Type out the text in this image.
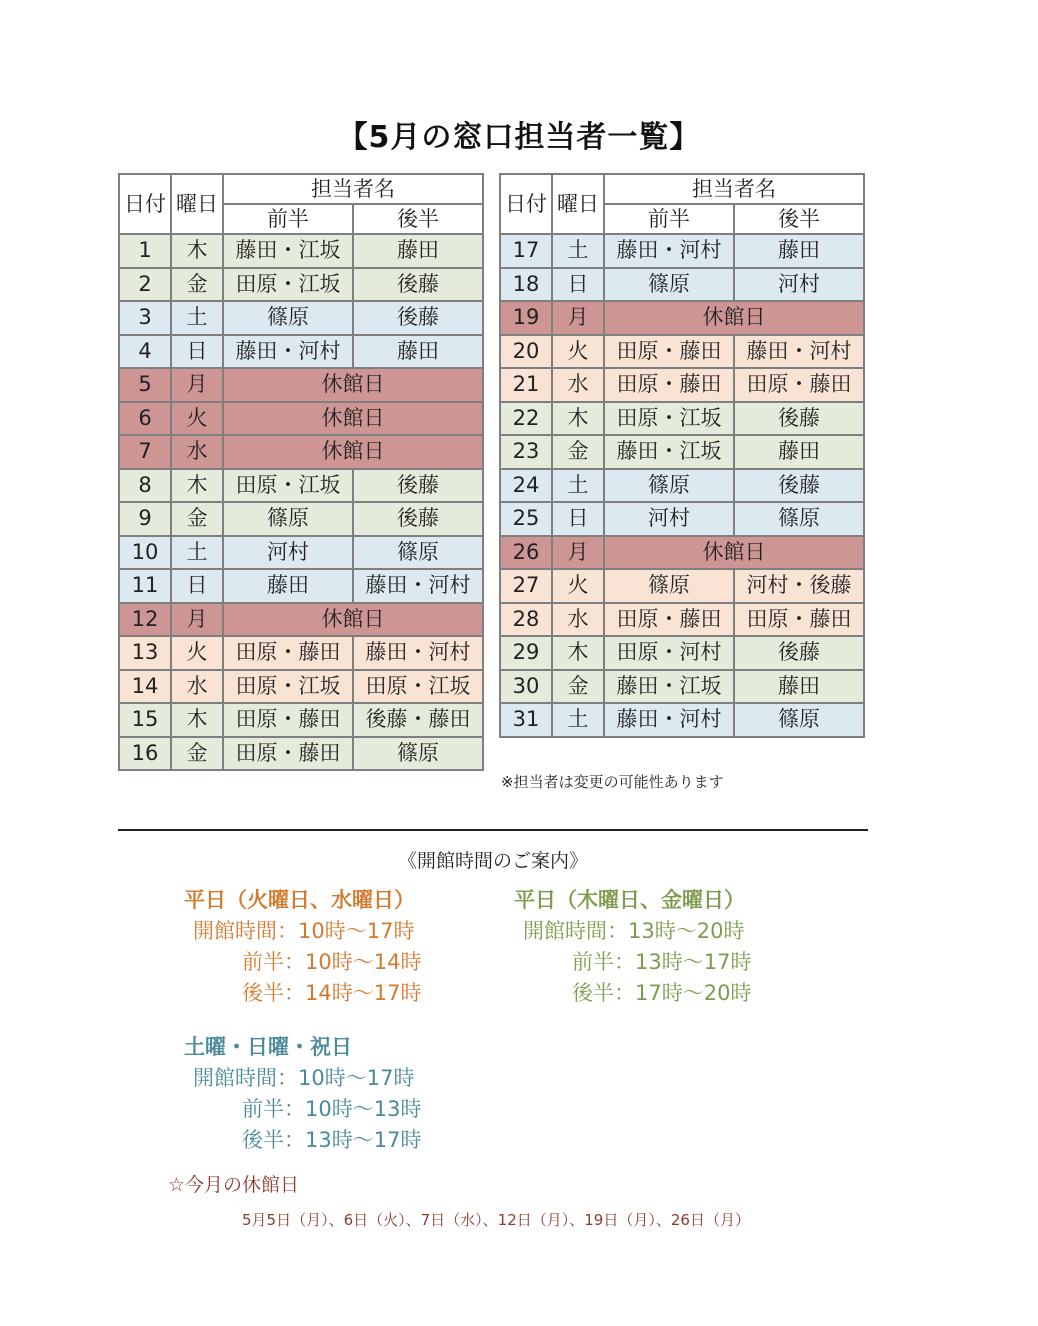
【5月の窓口担当者一覧】
日付	曜日	担当者名	
		前半	後半
1	木	藤田・江坂	藤田
2	金	田原・江坂	後藤
3	土	篠原	後藤
4	日	藤田・河村	藤田
5	月	休館日	
6	火	休館日	
7	水	休館日	
8	木	田原・江坂	後藤
9	金	篠原	後藤
10	土	河村	篠原
11	日	藤田	藤田・河村
12	月	休館日	
13	火	田原・藤田	藤田・河村
14	水	田原・江坂	田原・江坂
15	木	田原・藤田	後藤・藤田
16	金	田原・藤田	篠原
日付	曜日	担当者名	
		前半	後半
17	土	藤田・河村	藤田
18	日	篠原	河村
19	月	休館日	
20	火	田原・藤田	藤田・河村
21	水	田原・藤田	田原・藤田
22	木	田原・江坂	後藤
23	金	藤田・江坂	藤田
24	土	篠原	後藤
25	日	河村	篠原
26	月	休館日	
27	火	篠原	河村・後藤
28	水	田原・藤田	田原・藤田
29	木	田原・河村	後藤
30	金	藤田・江坂	藤田
31	土	藤田・河村	篠原
※担当者は変更の可能性あります
《開館時間のご案内》
平日（火曜日、水曜日）
開館時間：10時～17時
前半：10時～14時
後半：14時～17時
平日（木曜日、金曜日）
開館時間：13時～20時
前半：13時～17時
後半：17時～20時
土曜・日曜・祝日
開館時間：10時～17時
前半：10時～13時
後半：13時～17時
☆今月の休館日
5月5日（月）、6日（火）、7日（水）、12日（月）、19日（月）、26日（月）
